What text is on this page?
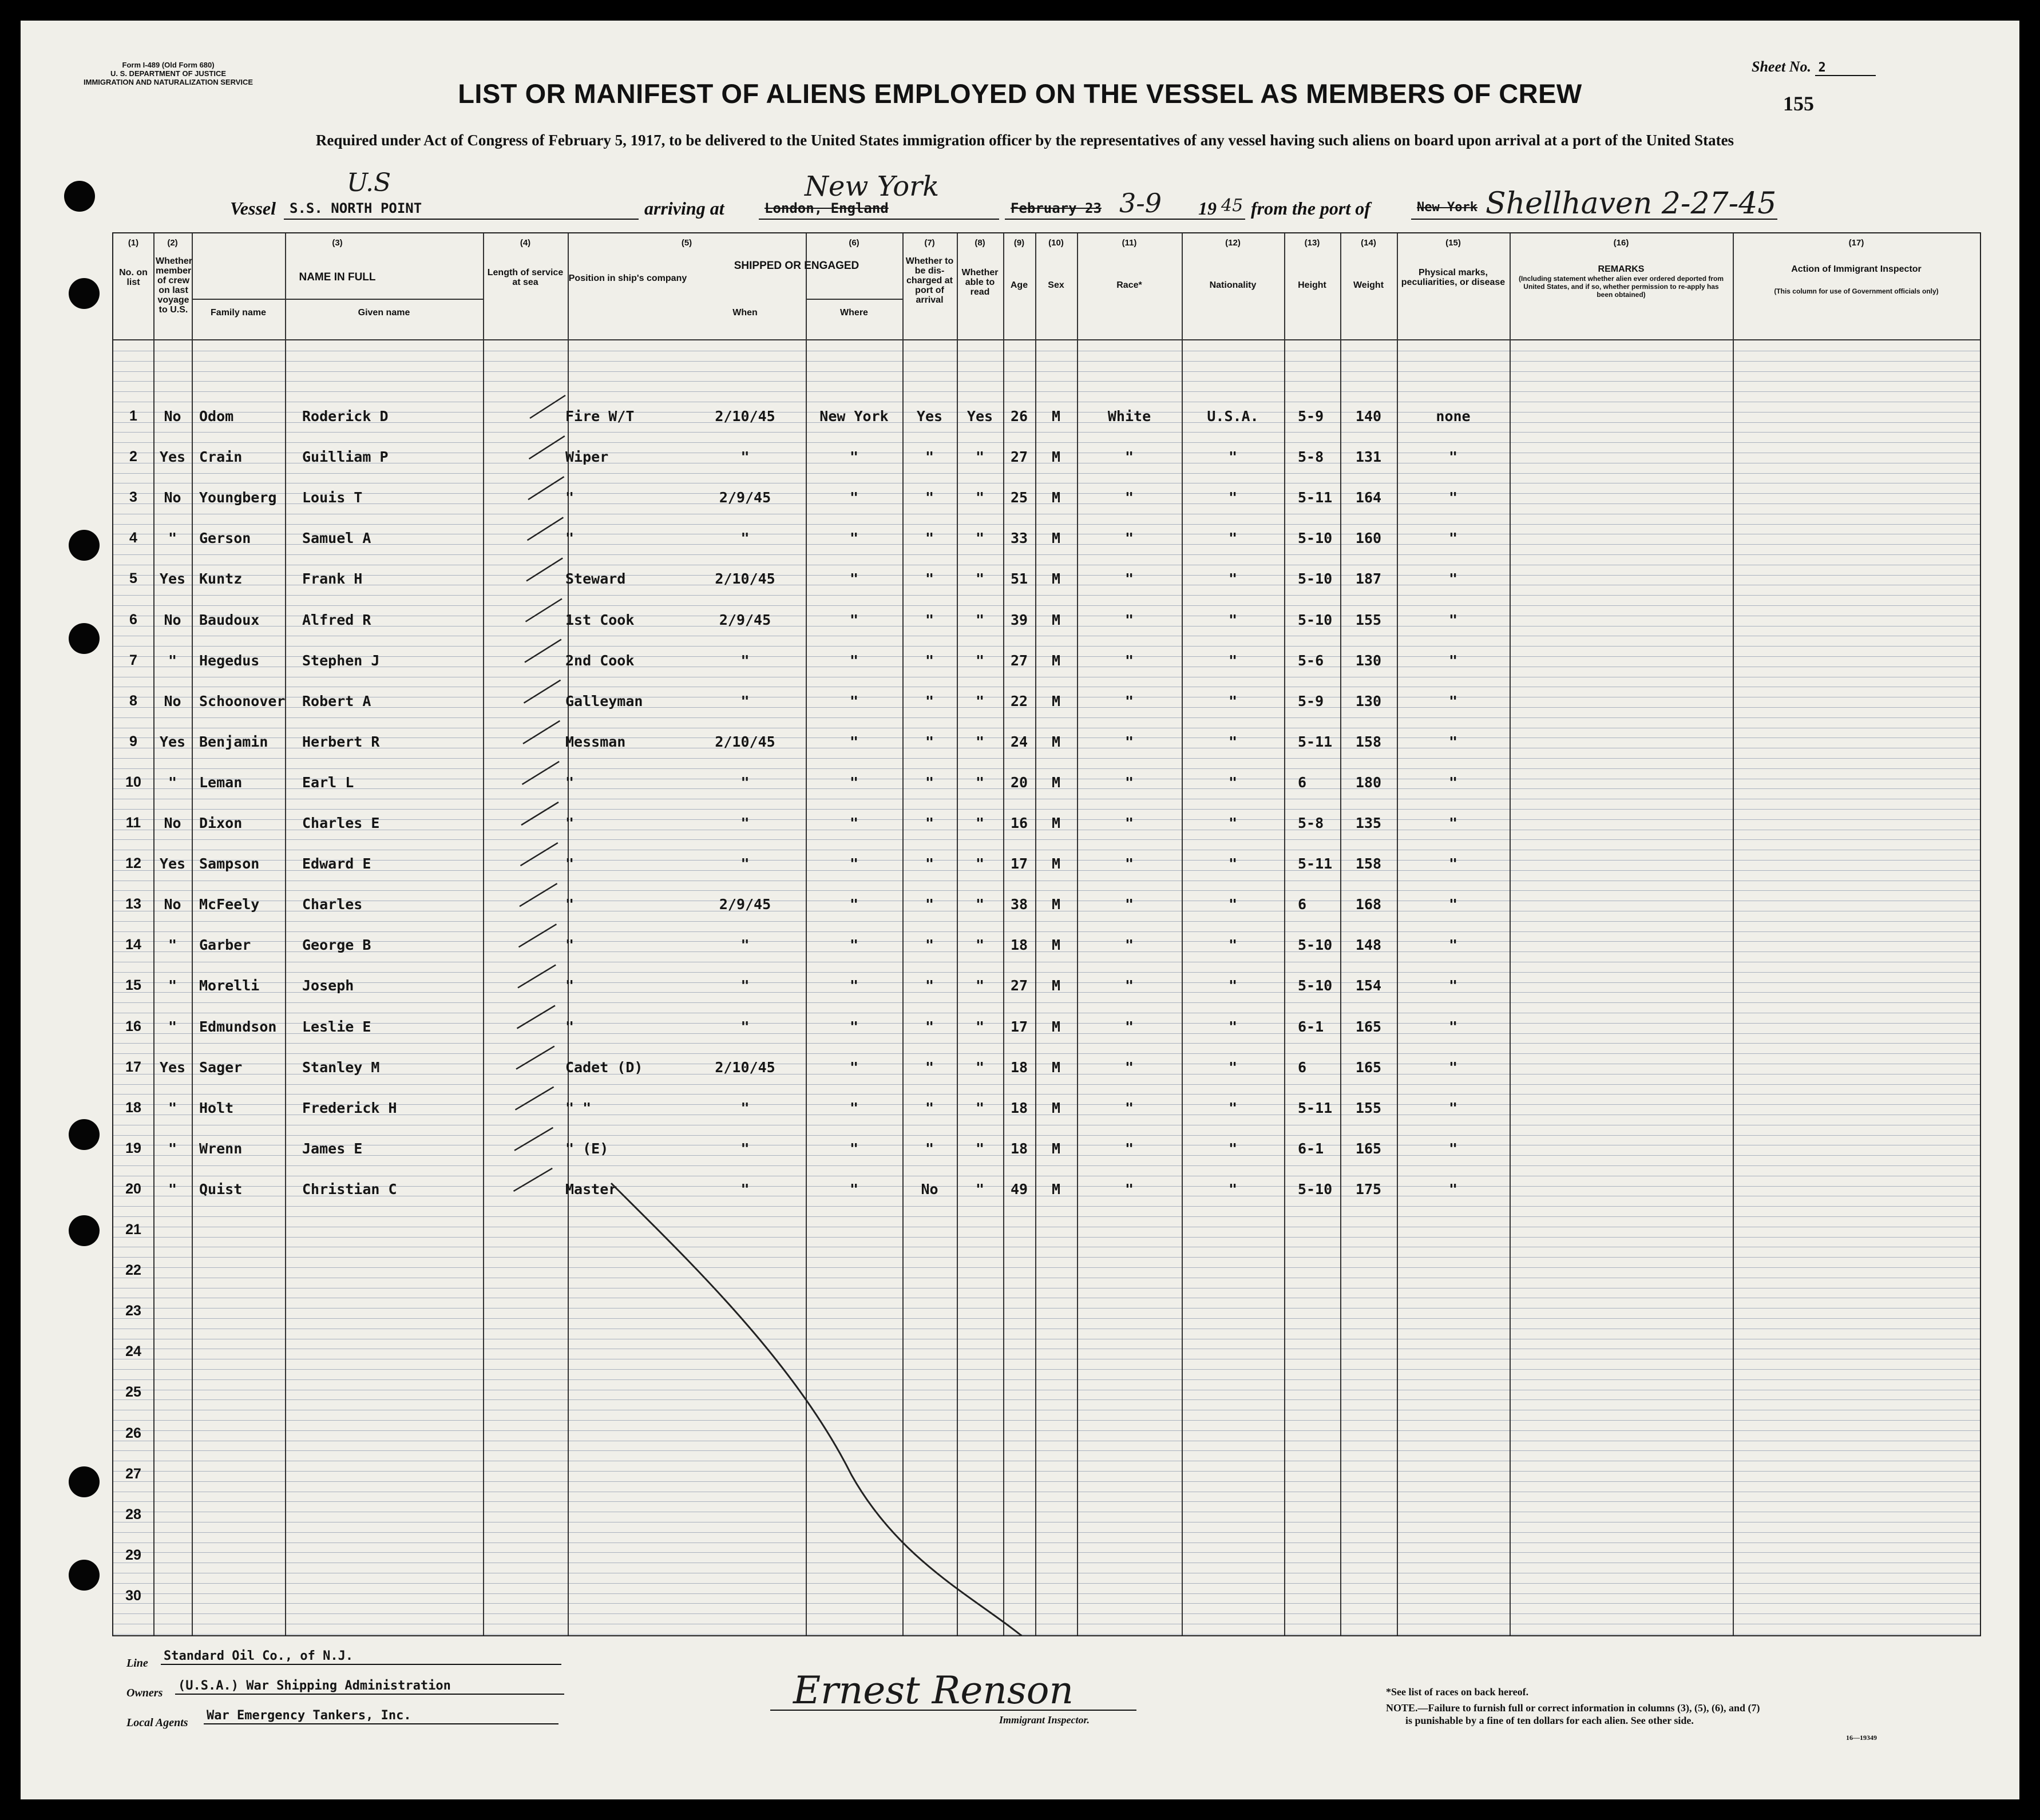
Form I-489 (Old Form 680)
U. S. DEPARTMENT OF JUSTICE
IMMIGRATION AND NATURALIZATION SERVICE
Sheet No. 2
LIST OR MANIFEST OF ALIENS EMPLOYED ON THE VESSEL AS MEMBERS OF CREW	155
Required under Act of Congress of February 5, 1917, to be delivered to the United States immigration officer by the representatives of any vessel having such aliens on board upon arrival at a port of the United States
U.S
Vessel S.S. NORTH POINT	arriving at	London, England
New York
February 23 3-9 19 45 from the port of	New York Shellhaven 2-27-45
(1)	(2)	(3)	(4)	(5)	(6)	(7)	(8)	(9)	(10)	(11)	(12)	(13)	(14)	(15)	(16)	(17)
No. on list
Whether member of crew on last voyage to U.S.
NAME IN FULL
Family name	Given name
Length of service at sea	Position in ship's company
SHIPPED OR ENGAGED
When	Where
Whether to be dis-charged at port of arrival
Whether able to read
Age	Sex	Race*	Nationality	Height	Weight
Physical marks, peculiarities, or disease
REMARKS
(Including statement whether alien ever ordered deported from United States, and if so, whether permission to re-apply has been obtained)
Action of Immigrant Inspector
(This column for use of Government officials only)
1	No	Odom	Roderick D	Fire W/T	2/10/45	New York	Yes	Yes	26	M	White	U.S.A.	5-9	140	none
2	Yes Crain	Guilliam P	Wiper	"	"	"	"	27	M	"	"	5-8	131	"
3	No	Youngberg	Louis T	"	2/9/45	"	"	"	25	M	"	"	5-11	164	"
4	"	Gerson	Samuel A	"	"	"	"	"	33	M	"	"	5-10	160	"
5	Yes Kuntz	Frank H	Steward	2/10/45	"	"	"	51	M	"	"	5-10	187	"
6	No	Baudoux	Alfred R	1st Cook	2/9/45	"	"	"	39	M	"	"	5-10	155	"
7	"	Hegedus	Stephen J	2nd Cook	"	"	"	"	27	M	"	"	5-6	130	"
8	No	Schoonover	Robert A	Galleyman	"	"	"	"	22	M	"	"	5-9	130	"
9	Yes Benjamin	Herbert R	Messman	2/10/45	"	"	"	24	M	"	"	5-11	158	"
10	"	Leman	Earl L	"	"	"	"	"	20	M	"	"	6	180	"
11	No	Dixon	Charles E	"	"	"	"	"	16	M	"	"	5-8	135	"
12	Yes Sampson	Edward E	"	"	"	"	"	17	M	"	"	5-11	158	"
13	No	McFeely	Charles	"	2/9/45	"	"	"	38	M	"	"	6	168	"
14	"	Garber	George B	"	"	"	"	"	18	M	"	"	5-10	148	"
15	"	Morelli	Joseph	"	"	"	"	"	27	M	"	"	5-10	154	"
16	"	Edmundson	Leslie E	"	"	"	"	"	17	M	"	"	6-1	165	"
17	Yes Sager	Stanley M	Cadet (D)	2/10/45	"	"	"	18	M	"	"	6	165	"
18	"	Holt	Frederick H	" "	"	"	"	"	18	M	"	"	5-11	155	"
19	"	Wrenn	James E	" (E)	"	"	"	"	18	M	"	"	6-1	165	"
20	"	Quist	Christian C	Master	"	"	No	"	49	M	"	"	5-10	175	"
21
22
23
24
25
26
27
28
29
30
Line Standard Oil Co., of N.J.
Owners (U.S.A.) War Shipping Administration
Local Agents War Emergency Tankers, Inc.
Ernest Renson
Immigrant Inspector.
*See list of races on back hereof.
NOTE.—Failure to furnish full or correct information in columns (3), (5), (6), and (7)
is punishable by a fine of ten dollars for each alien. See other side.
16—19349
